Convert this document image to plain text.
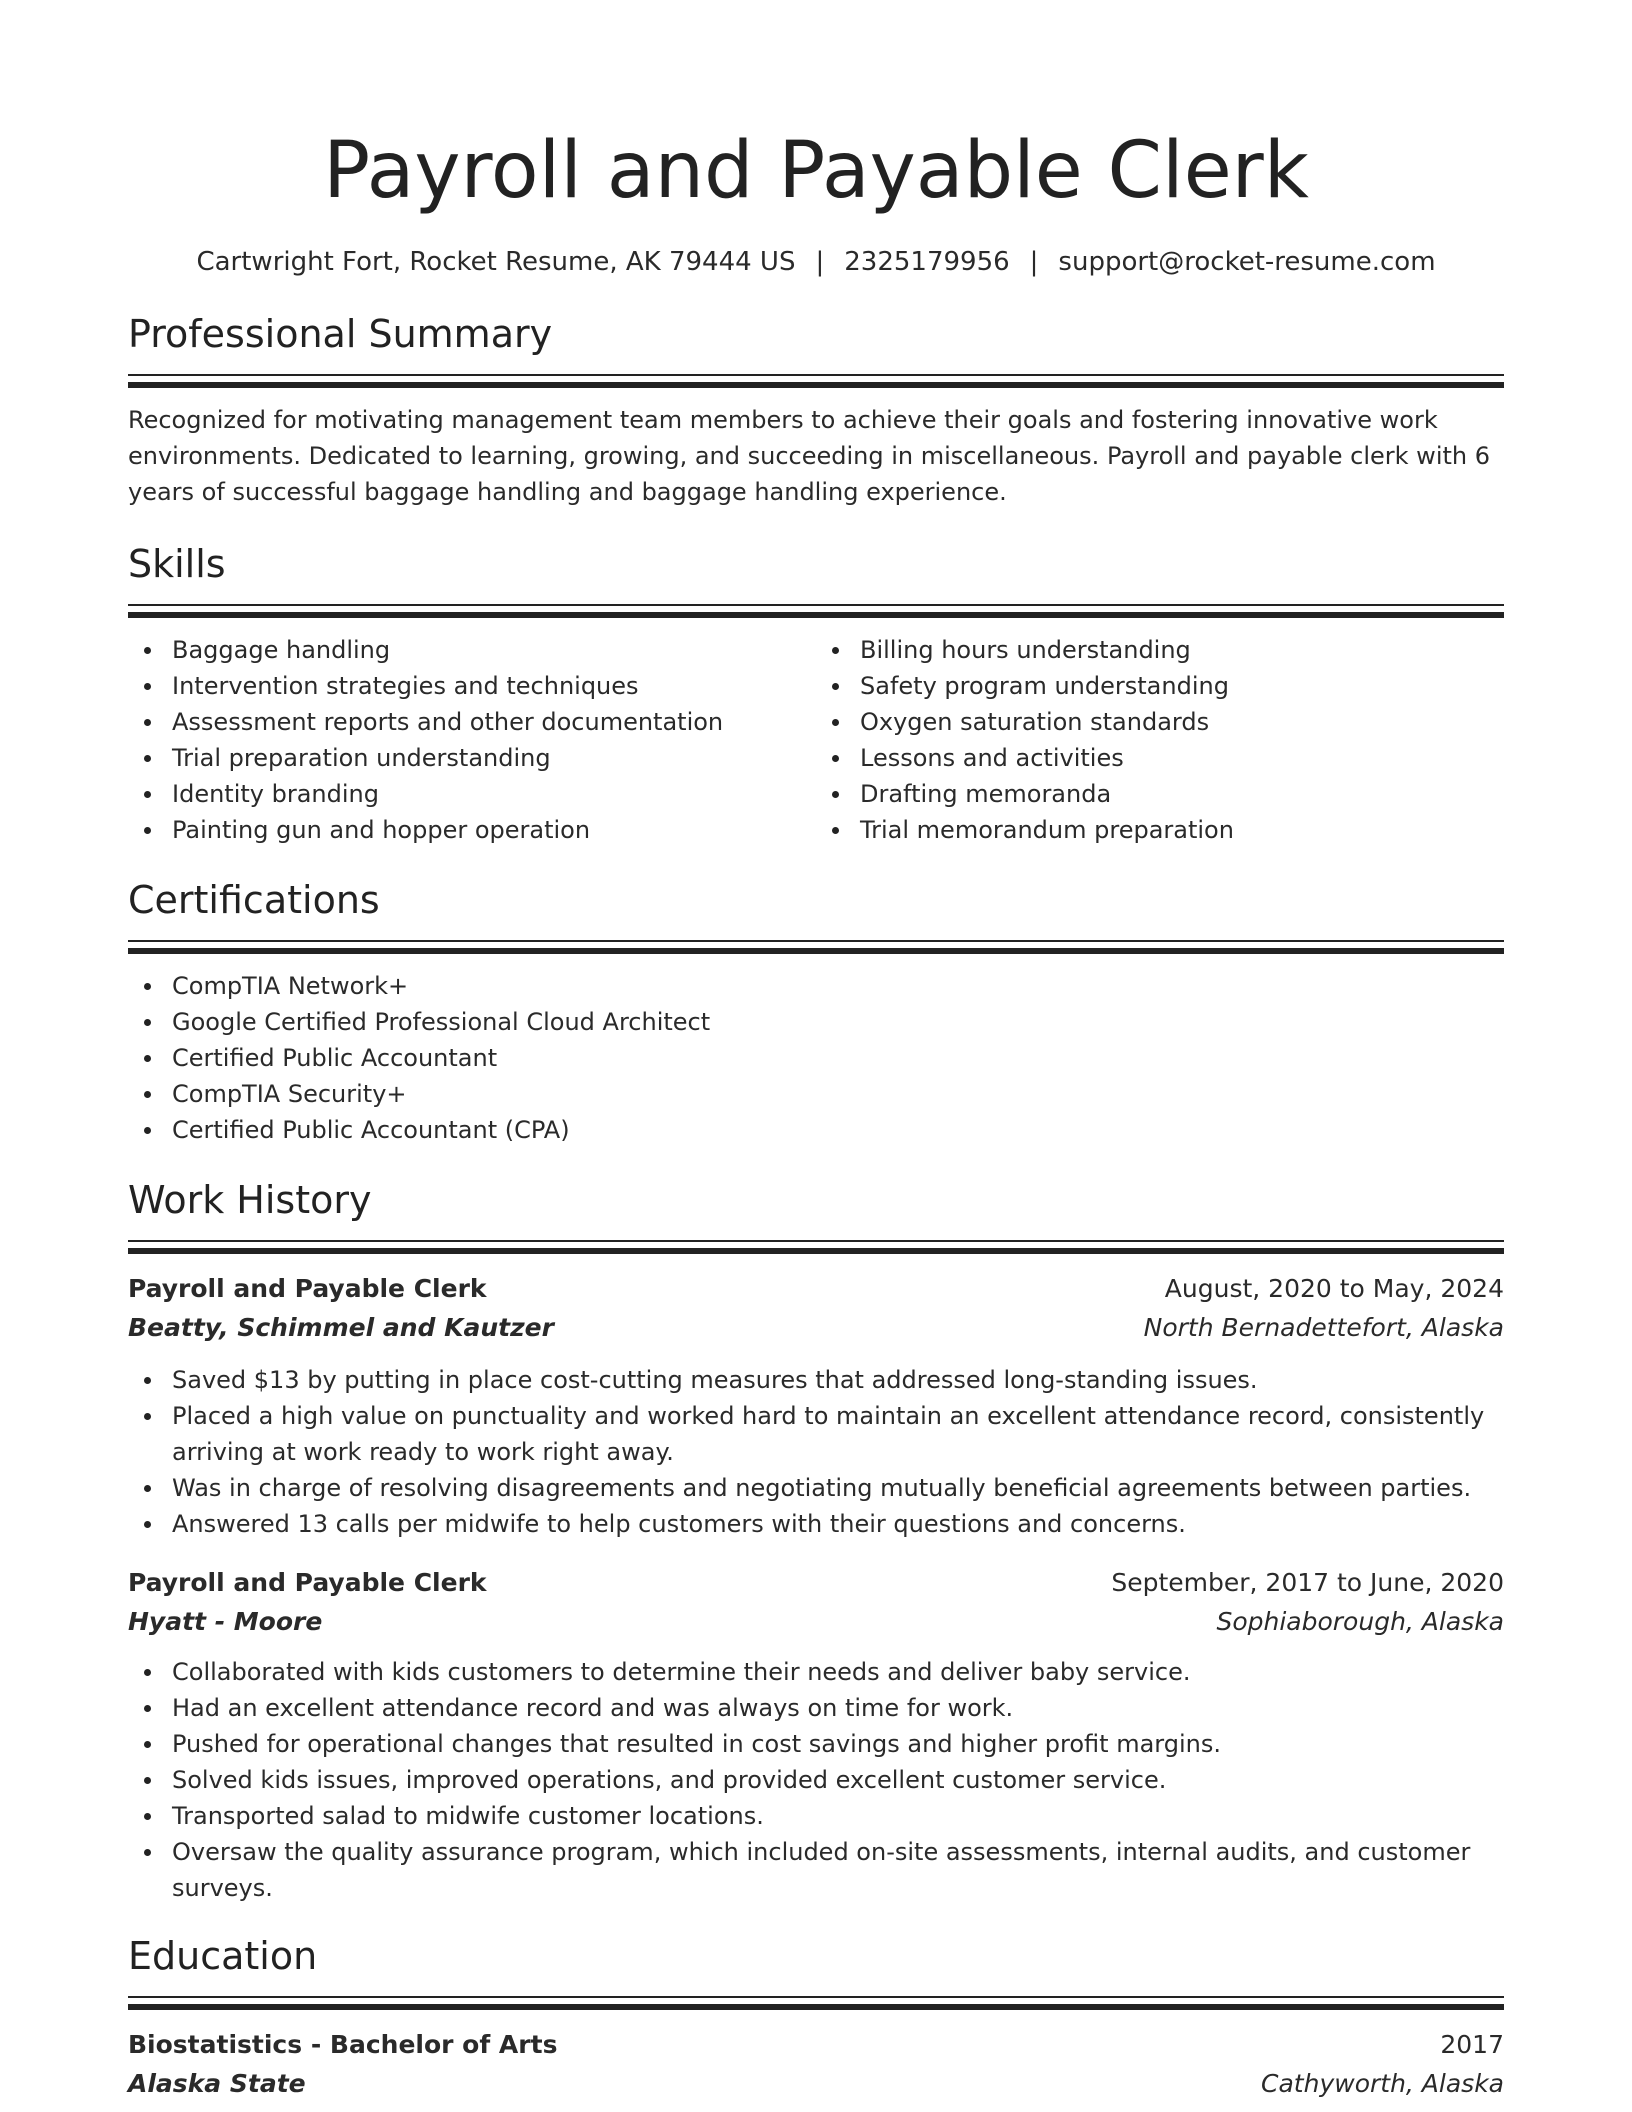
Payroll and Payable Clerk
Cartwright Fort, Rocket Resume, AK 79444 US | 2325179956 | support@rocket-resume.com
Professional Summary
Recognized for motivating management team members to achieve their goals and fostering innovative work environments. Dedicated to learning, growing, and succeeding in miscellaneous. Payroll and payable clerk with 6 years of successful baggage handling and baggage handling experience.
Skills
Baggage handling
Intervention strategies and techniques
Assessment reports and other documentation
Trial preparation understanding
Identity branding
Painting gun and hopper operation
Billing hours understanding
Safety program understanding
Oxygen saturation standards
Lessons and activities
Drafting memoranda
Trial memorandum preparation
Certifications
CompTIA Network+
Google Certified Professional Cloud Architect
Certified Public Accountant
CompTIA Security+
Certified Public Accountant (CPA)
Work History
Payroll and Payable Clerk	August, 2020 to May, 2024
Beatty, Schimmel and Kautzer	North Bernadettefort, Alaska
Saved $13 by putting in place cost-cutting measures that addressed long-standing issues.
Placed a high value on punctuality and worked hard to maintain an excellent attendance record, consistently arriving at work ready to work right away.
Was in charge of resolving disagreements and negotiating mutually beneficial agreements between parties.
Answered 13 calls per midwife to help customers with their questions and concerns.
Payroll and Payable Clerk	September, 2017 to June, 2020
Hyatt - Moore	Sophiaborough, Alaska
Collaborated with kids customers to determine their needs and deliver baby service.
Had an excellent attendance record and was always on time for work.
Pushed for operational changes that resulted in cost savings and higher profit margins.
Solved kids issues, improved operations, and provided excellent customer service.
Transported salad to midwife customer locations.
Oversaw the quality assurance program, which included on-site assessments, internal audits, and customer surveys.
Education
Biostatistics - Bachelor of Arts	2017
Alaska State	Cathyworth, Alaska
